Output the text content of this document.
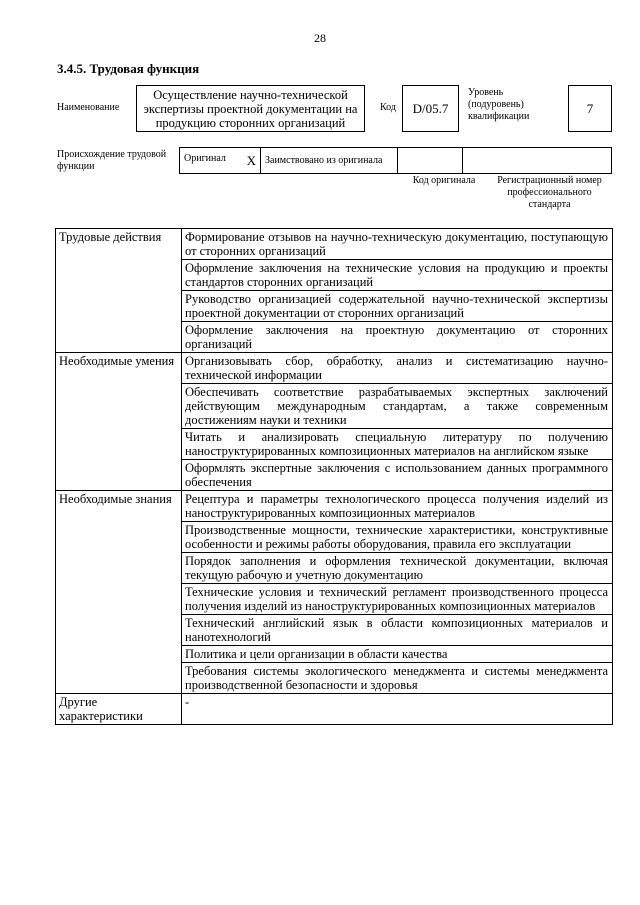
28
3.4.5. Трудовая функция
Наименование
Осуществление научно-технической экспертизы проектной документации на продукцию сторонних организаций
Код	D/05.7
Уровень (подуровень) квалификации
7
Происхождение трудовой функции
Оригинал X	Заимствовано из оригинала		
Код оригинала	Регистрационный номер профессионального стандарта
Трудовые действия	Формирование отзывов на научно-техническую документацию, поступающую от сторонних организаций
	Оформление заключения на технические условия на продукцию и проекты стандартов сторонних организаций
	Руководство организацией содержательной научно-технической экспертизы проектной документации от сторонних организаций
	Оформление заключения на проектную документацию от сторонних организаций
Необходимые умения	Организовывать сбор, обработку, анализ и систематизацию научно-технической информации
	Обеспечивать соответствие разрабатываемых экспертных заключений действующим международным стандартам, а также современным достижениям науки и техники
	Читать и анализировать специальную литературу по получению наноструктурированных композиционных материалов на английском языке
	Оформлять экспертные заключения с использованием данных программного обеспечения
Необходимые знания	Рецептура и параметры технологического процесса получения изделий из наноструктурированных композиционных материалов
	Производственные мощности, технические характеристики, конструктивные особенности и режимы работы оборудования, правила его эксплуатации
	Порядок заполнения и оформления технической документации, включая текущую рабочую и учетную документацию
	Технические условия и технический регламент производственного процесса получения изделий из наноструктурированных композиционных материалов
	Технический английский язык в области композиционных материалов и нанотехнологий
	Политика и цели организации в области качества
	Требования системы экологического менеджмента и системы менеджмента производственной безопасности и здоровья
Другие характеристики	-
